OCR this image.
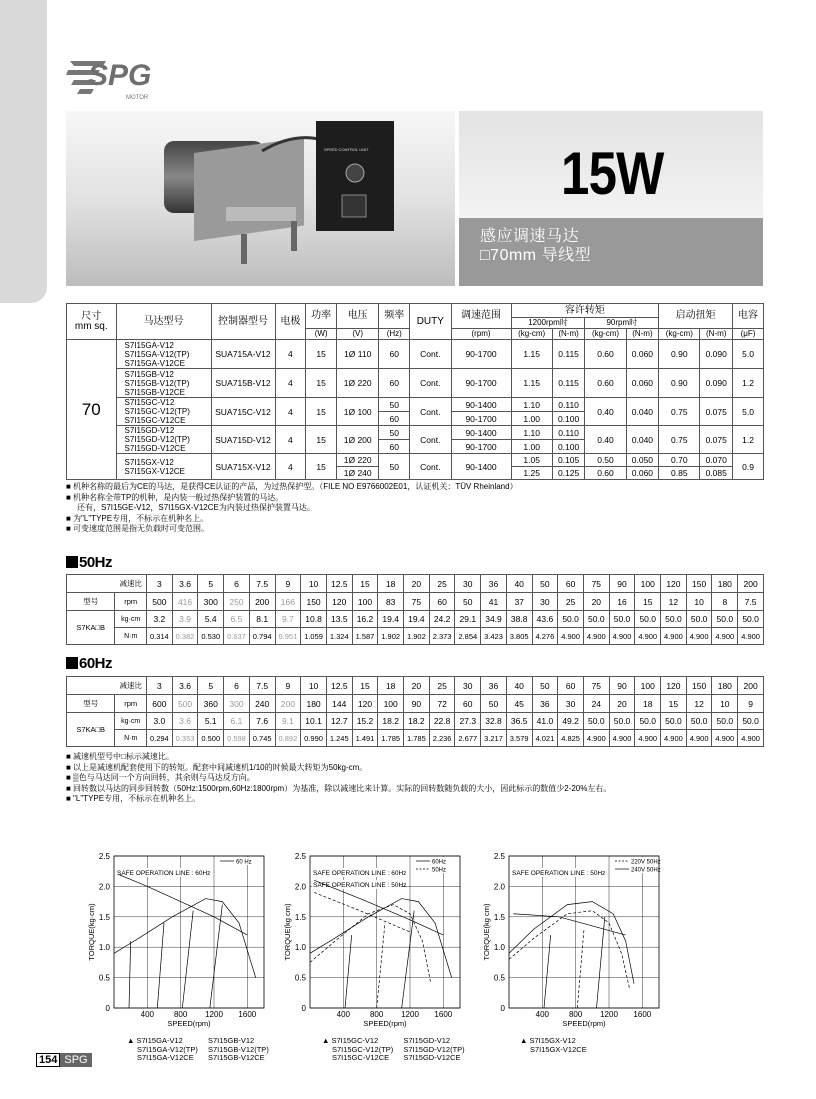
SPG
MOTOR
SPEED CONTROL UNIT	15W
感应调速马达
□70mm 导线型
尺寸
mm sq.	马达型号	控制器型号	电极	功率	电压	频率	DUTY	调速范围	容许转矩				启动扭矩		电容
									1200rpm时		90rpm时				
				(W)	(V)	(Hz)		(rpm)	(kg-cm)	(N-m)	(kg-cm)	(N-m)	(kg-cm)	(N-m)	(μF)
70	S7I15GA-V12
S7I15GA-V12(TP)
S7I15GA-V12CE	SUA715A-V12	4	15	1Ø 110	60	Cont.	90-1700	1.15	0.115	0.60	0.060	0.90	0.090	5.0

	S7I15GB-V12
S7I15GB-V12(TP)
S7I15GB-V12CE	SUA715B-V12	4	15	1Ø 220	60	Cont.	90-1700	1.15	0.115	0.60	0.060	0.90	0.090	1.2

	S7I15GC-V12
S7I15GC-V12(TP)
S7I15GC-V12CE	SUA715C-V12	4	15	1Ø 100	50	Cont.	90-1400	1.10	0.110	0.40	0.040	0.75	0.075	5.0
						60		90-1700	1.00	0.100					

	S7I15GD-V12
S7I15GD-V12(TP)
S7I15GD-V12CE	SUA715D-V12	4	15	1Ø 200	50	Cont.	90-1400	1.10	0.110	0.40	0.040	0.75	0.075	1.2
						60		90-1700	1.00	0.100					

	S7I15GX-V12
S7I15GX-V12CE	SUA715X-V12	4	15	1Ø 220	50	Cont.	90-1400	1.05	0.105	0.50	0.050	0.70	0.070	0.9
					1Ø 240				1.25	0.125	0.60	0.060	0.85	0.085	
■ 机种名称的最后为CE的马达，是获得CE认证的产品，为过热保护型。（FILE NO E9766002E01，认证机关：TÜV Rheinland）
■ 机种名称全带TP的机种，是内装一般过热保护装置的马达。
还有，S7I15GE-V12，S7I15GX-V12CE为内装过热保护装置马达。
■ 为"L"TYPE专用，不标示在机种名上。
■ 可变速度范围是指无负载时可变范围。
50Hz
减速比		3	3.6	5	6	7.5	9	10	12.5	15	18	20	25	30	36	40	50	60	75	90	100	120	150	180	200
型号	rpm	500	416	300	250	200	166	150	120	100	83	75	60	50	41	37	30	25	20	16	15	12	10	8	7.5
S7KA□B	kg·cm	3.2	3.9	5.4	6.5	8.1	9.7	10.8	13.5	16.2	19.4	19.4	24.2	29.1	34.9	38.8	43.6	50.0	50.0	50.0	50.0	50.0	50.0	50.0	50.0
	N·m	0.314	0.382	0.530	0.637	0.794	0.951	1.059	1.324	1.587	1.902	1.902	2.373	2.854	3.423	3.805	4.276	4.900	4.900	4.900	4.900	4.900	4.900	4.900	4.900
60Hz
减速比		3	3.6	5	6	7.5	9	10	12.5	15	18	20	25	30	36	40	50	60	75	90	100	120	150	180	200
型号	rpm	600	500	360	300	240	200	180	144	120	100	90	72	60	50	45	36	30	24	20	18	15	12	10	9
S7KA□B	kg·cm	3.0	3.6	5.1	6.1	7.6	9.1	10.1	12.7	15.2	18.2	18.2	22.8	27.3	32.8	36.5	41.0	49.2	50.0	50.0	50.0	50.0	50.0	50.0	50.0
	N·m	0.294	0.353	0.500	0.598	0.745	0.892	0.990	1.245	1.491	1.785	1.785	2.236	2.677	3.217	3.579	4.021	4.825	4.900	4.900	4.900	4.900	4.900	4.900	4.900
■ 减速机型号中□标示减速比。
■ 以上是减速机配套使用下的转矩。配套中间减速机1/10的时候最大转矩为50kg-cm。
■ ▒色与马达同一个方向回转，其余则与马达反方向。
■ 回转数以马达的同步回转数（50Hz:1500rpm,60Hz:1800rpm）为基准，除以减速比来计算。实际的回转数随负载的大小，因此标示的数值少2-20%左右。
■ "L"TYPE专用，不标示在机种名上。
400 800 1200 1600
0
0.5
1.0
1.5
2.0
2.5
SPEED(rpm)
TORQUE(kg·cm)
SAFE OPERATION LINE : 60Hz
60 Hz
400 800 1200 1600
0
0.5
1.0
1.5
2.0
2.5
SPEED(rpm)
TORQUE(kg cm)
SAFE OPERATION LINE : 60Hz
SAFE OPERATION LINE : 50Hz
60Hz
50Hz
400 800 1200 1600
0
0.5
1.0
1.5
2.0
2.5
SPEED(rpm)
TORQUE(kg cm)
SAFE OPERATION LINE : 50Hz
220V 50Hz
240V 50Hz
▲ S7I15GA-V12
S7I15GA-V12(TP)
S7I15GA-V12CE

S7I15GB-V12
S7I15GB-V12(TP)
S7I15GB-V12CE
▲ S7I15GC-V12
S7I15GC-V12(TP)
S7I15GC-V12CE

S7I15GD-V12
S7I15GD-V12(TP)
S7I15GD-V12CE
▲ S7I15GX-V12
S7I15GX-V12CE
154 SPG
